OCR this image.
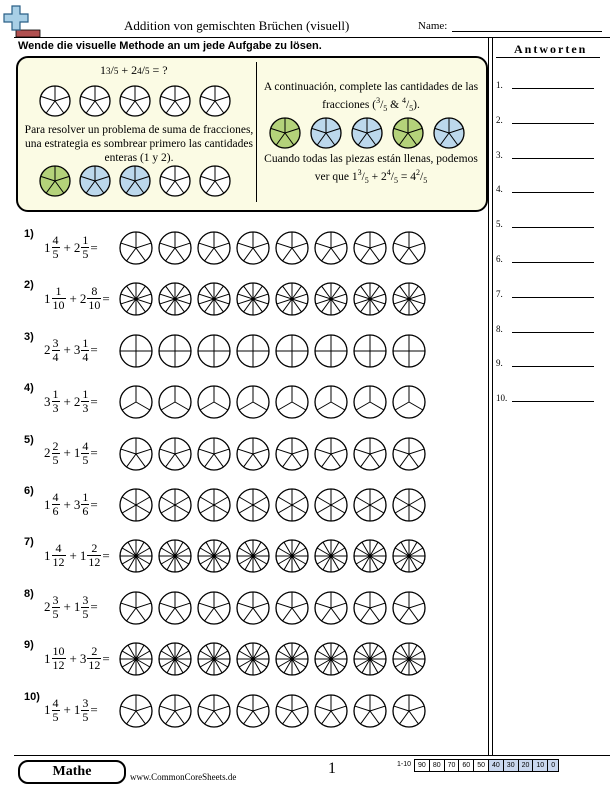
Addition von gemischten Brüchen (visuell)	Name:
Wende die visuelle Methode an um jede Aufgabe zu lösen.
1 3 / 5 + 2 4 / 5 = ?
Para resolver un problema de suma de fracciones, una estrategia es sombrear primero las cantidades enteras (1 y 2).
A continuación, complete las cantidades de las fracciones ($^3/_5$ & $^4/_5$).
Cuando todas las piezas están llenas, podemos ver que $1^3/_5 + 2^4/_5 = 4^2/_5$
1)
$1 \frac{4}{5} + 2 \frac{1}{5}$ =
2)
$1 \frac{1}{10} + 2 \frac{8}{10}$ =
3)
$2 \frac{3}{4} + 3 \frac{1}{4}$ =
4)
$3 \frac{1}{3} + 2 \frac{1}{3}$ =
5)
$2 \frac{2}{5} + 1 \frac{4}{5}$ =
6)
$1 \frac{4}{6} + 3 \frac{1}{6}$ =
7)
$1 \frac{4}{12} + 1 \frac{2}{12}$ =
8)
$2 \frac{3}{5} + 1 \frac{3}{5}$ =
9)
$1 \frac{10}{12} + 3 \frac{2}{12}$ =
10)
$1 \frac{4}{5} + 1 \frac{3}{5}$ =
Antworten
1.
2.
3.
4.
5.
6.
7.
8.
9.
10.
Mathe	www.CommonCoreSheets.de	1	1-10	90	80	70	60	50	40	30	20	10	0
